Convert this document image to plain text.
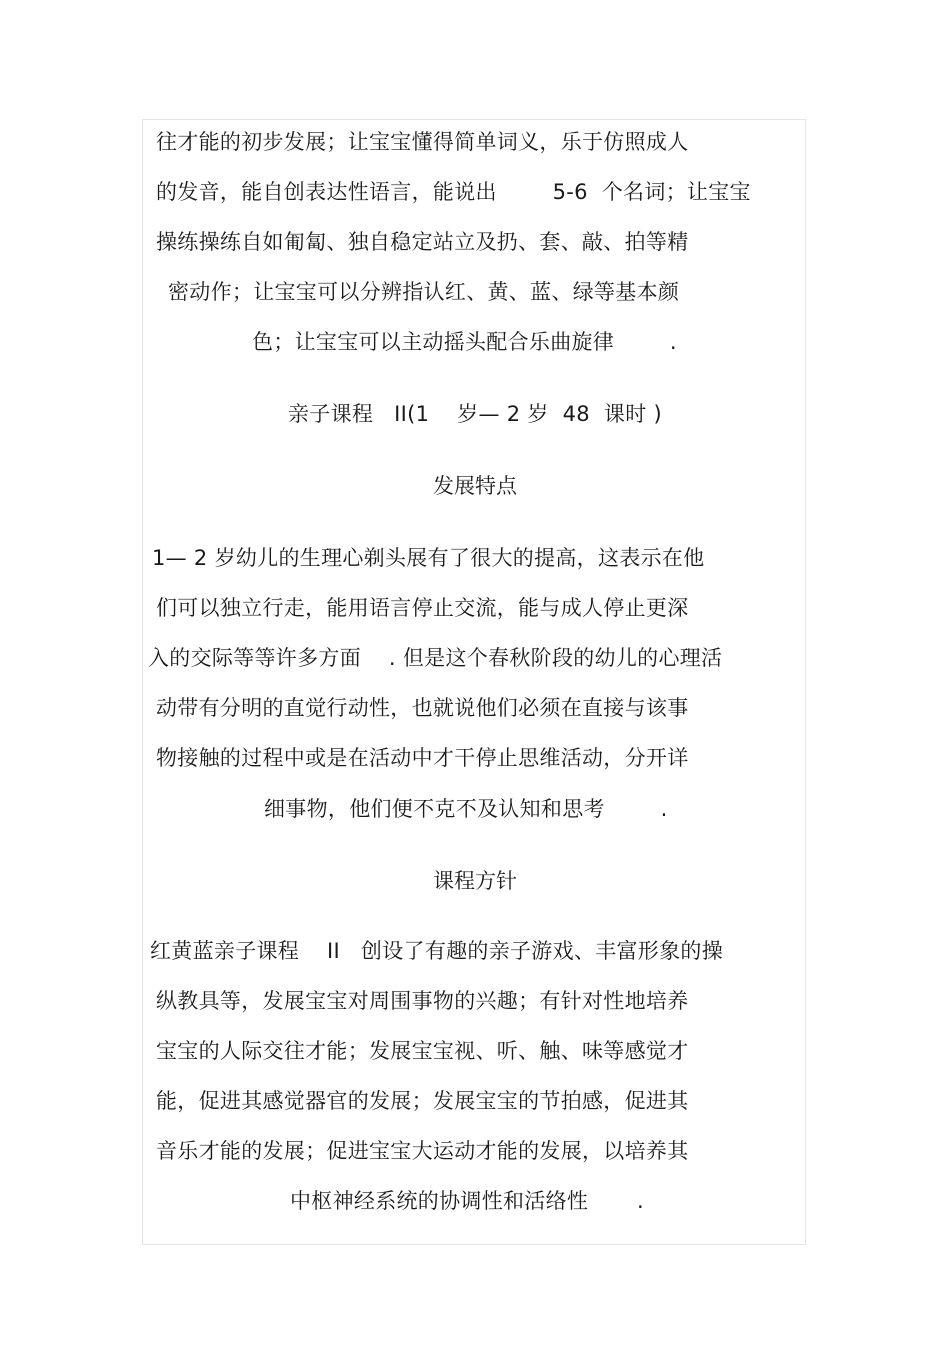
往才能的初步发展；让宝宝懂得简单词义，乐于仿照成人
的发音，能自创表达性语言，能说出        5-6  个名词；让宝宝
操练操练自如匍匐、独自稳定站立及扔、套、敲、拍等精
密动作；让宝宝可以分辨指认红、黄、蓝、绿等基本颜
色；让宝宝可以主动摇头配合乐曲旋律        .
亲子课程   II(1    岁— 2 岁  48  课时 )
发展特点
1— 2 岁幼儿的生理心剃头展有了很大的提高，这表示在他
们可以独立行走，能用语言停止交流，能与成人停止更深
入的交际等等许多方面    . 但是这个春秋阶段的幼儿的心理活
动带有分明的直觉行动性，也就说他们必须在直接与该事
物接触的过程中或是在活动中才干停止思维活动，分开详
细事物，他们便不克不及认知和思考        .
课程方针
红黄蓝亲子课程    II   创设了有趣的亲子游戏、丰富形象的操
纵教具等，发展宝宝对周围事物的兴趣；有针对性地培养
宝宝的人际交往才能；发展宝宝视、听、触、味等感觉才
能，促进其感觉器官的发展；发展宝宝的节拍感，促进其
音乐才能的发展；促进宝宝大运动才能的发展，以培养其
中枢神经系统的协调性和活络性       .
